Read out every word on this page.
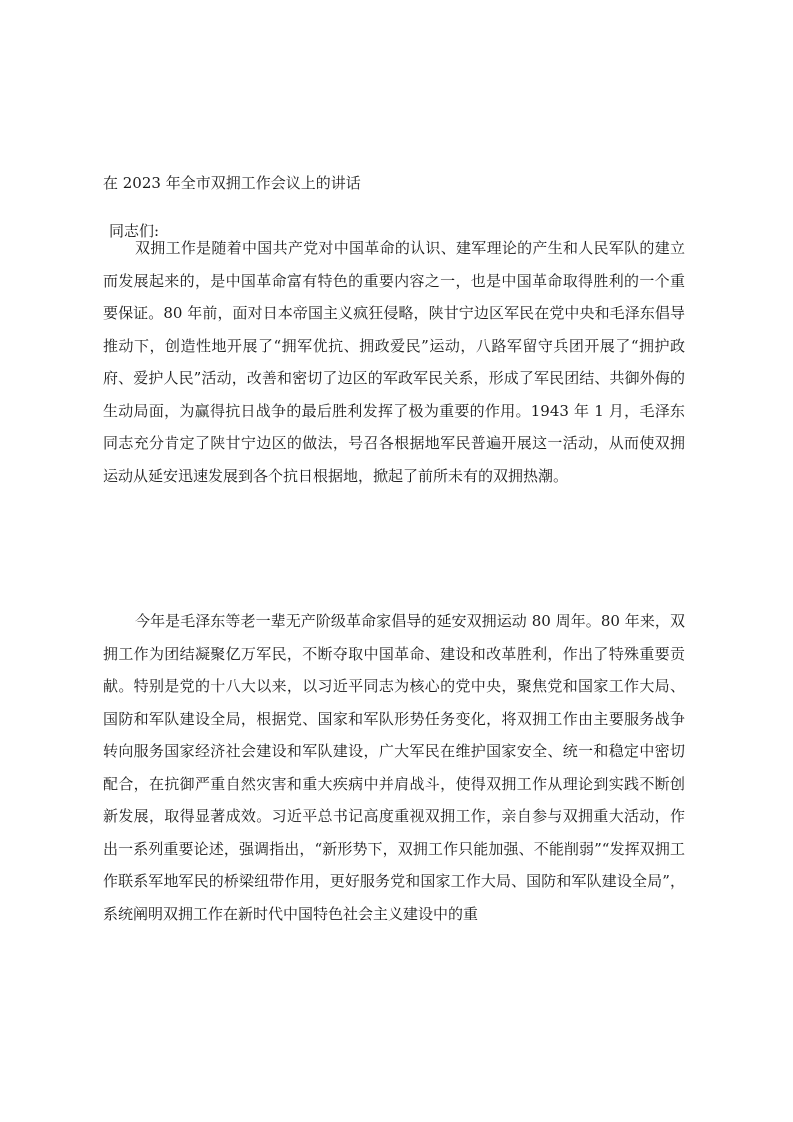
在 2023 年全市双拥工作会议上的讲话
同志们:

双拥工作是随着中国共产党对中国革命的认识、建军理论的产生和人民军队的建立而发展起来的，是中国革命富有特色的重要内容之一，也是中国革命取得胜利的一个重要保证。80 年前，面对日本帝国主义疯狂侵略，陕甘宁边区军民在党中央和毛泽东倡导推动下，创造性地开展了“拥军优抗、拥政爱民”运动，八路军留守兵团开展了“拥护政府、爱护人民”活动，改善和密切了边区的军政军民关系，形成了军民团结、共御外侮的生动局面，为赢得抗日战争的最后胜利发挥了极为重要的作用。1943 年 1 月，毛泽东同志充分肯定了陕甘宁边区的做法，号召各根据地军民普遍开展这一活动，从而使双拥运动从延安迅速发展到各个抗日根据地，掀起了前所未有的双拥热潮。

今年是毛泽东等老一辈无产阶级革命家倡导的延安双拥运动 80 周年。80 年来，双拥工作为团结凝聚亿万军民，不断夺取中国革命、建设和改革胜利，作出了特殊重要贡献。特别是党的十八大以来，以习近平同志为核心的党中央，聚焦党和国家工作大局、国防和军队建设全局，根据党、国家和军队形势任务变化，将双拥工作由主要服务战争转向服务国家经济社会建设和军队建设，广大军民在维护国家安全、统一和稳定中密切配合，在抗御严重自然灾害和重大疾病中并肩战斗，使得双拥工作从理论到实践不断创新发展，取得显著成效。习近平总书记高度重视双拥工作，亲自参与双拥重大活动，作出一系列重要论述，强调指出，“新形势下，双拥工作只能加强、不能削弱”“发挥双拥工作联系军地军民的桥梁纽带作用，更好服务党和国家工作大局、国防和军队建设全局”，系统阐明双拥工作在新时代中国特色社会主义建设中的重
